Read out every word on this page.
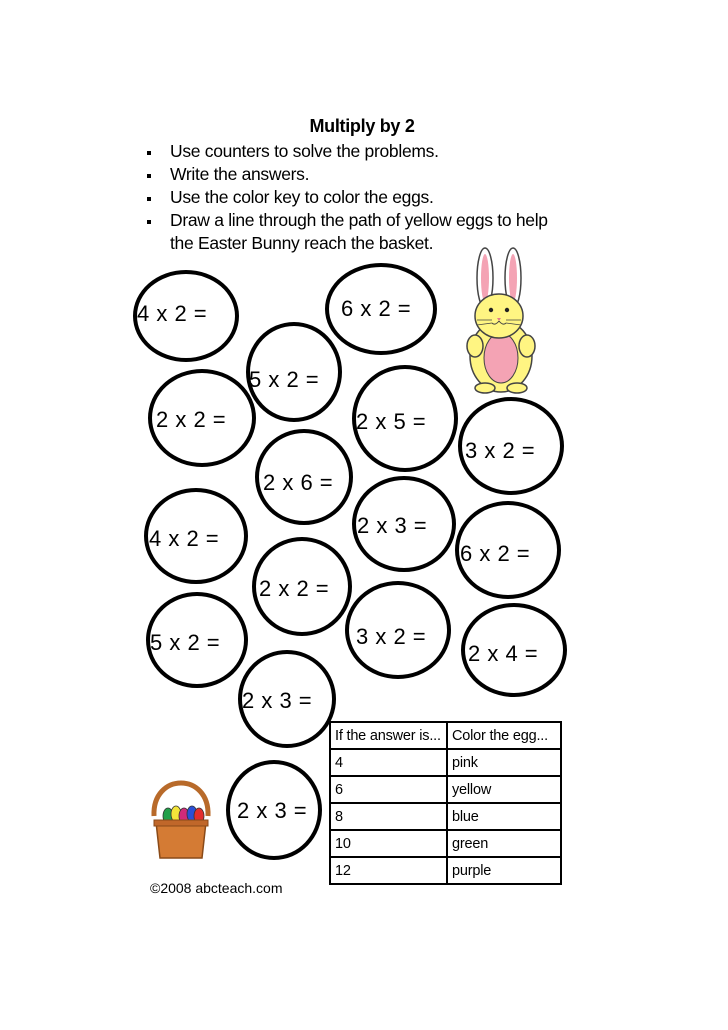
Multiply by 2
Use counters to solve the problems.
Write the answers.
Use the color key to color the eggs.
Draw a line through the path of yellow eggs to help the Easter Bunny reach the basket.
4 x 2 =	6 x 2 =
5 x 2 =
2 x 2 =	2 x 5 =
3 x 2 =
2 x 6 =
4 x 2 =
2 x 3 =
6 x 2 =
2 x 2 =
5 x 2 =	3 x 2 =
2 x 4 =
2 x 3 =
2 x 3 =
If the answer is...	Color the egg...
4	pink
6	yellow
8	blue
10	green
12	purple
©2008 abcteach.com
